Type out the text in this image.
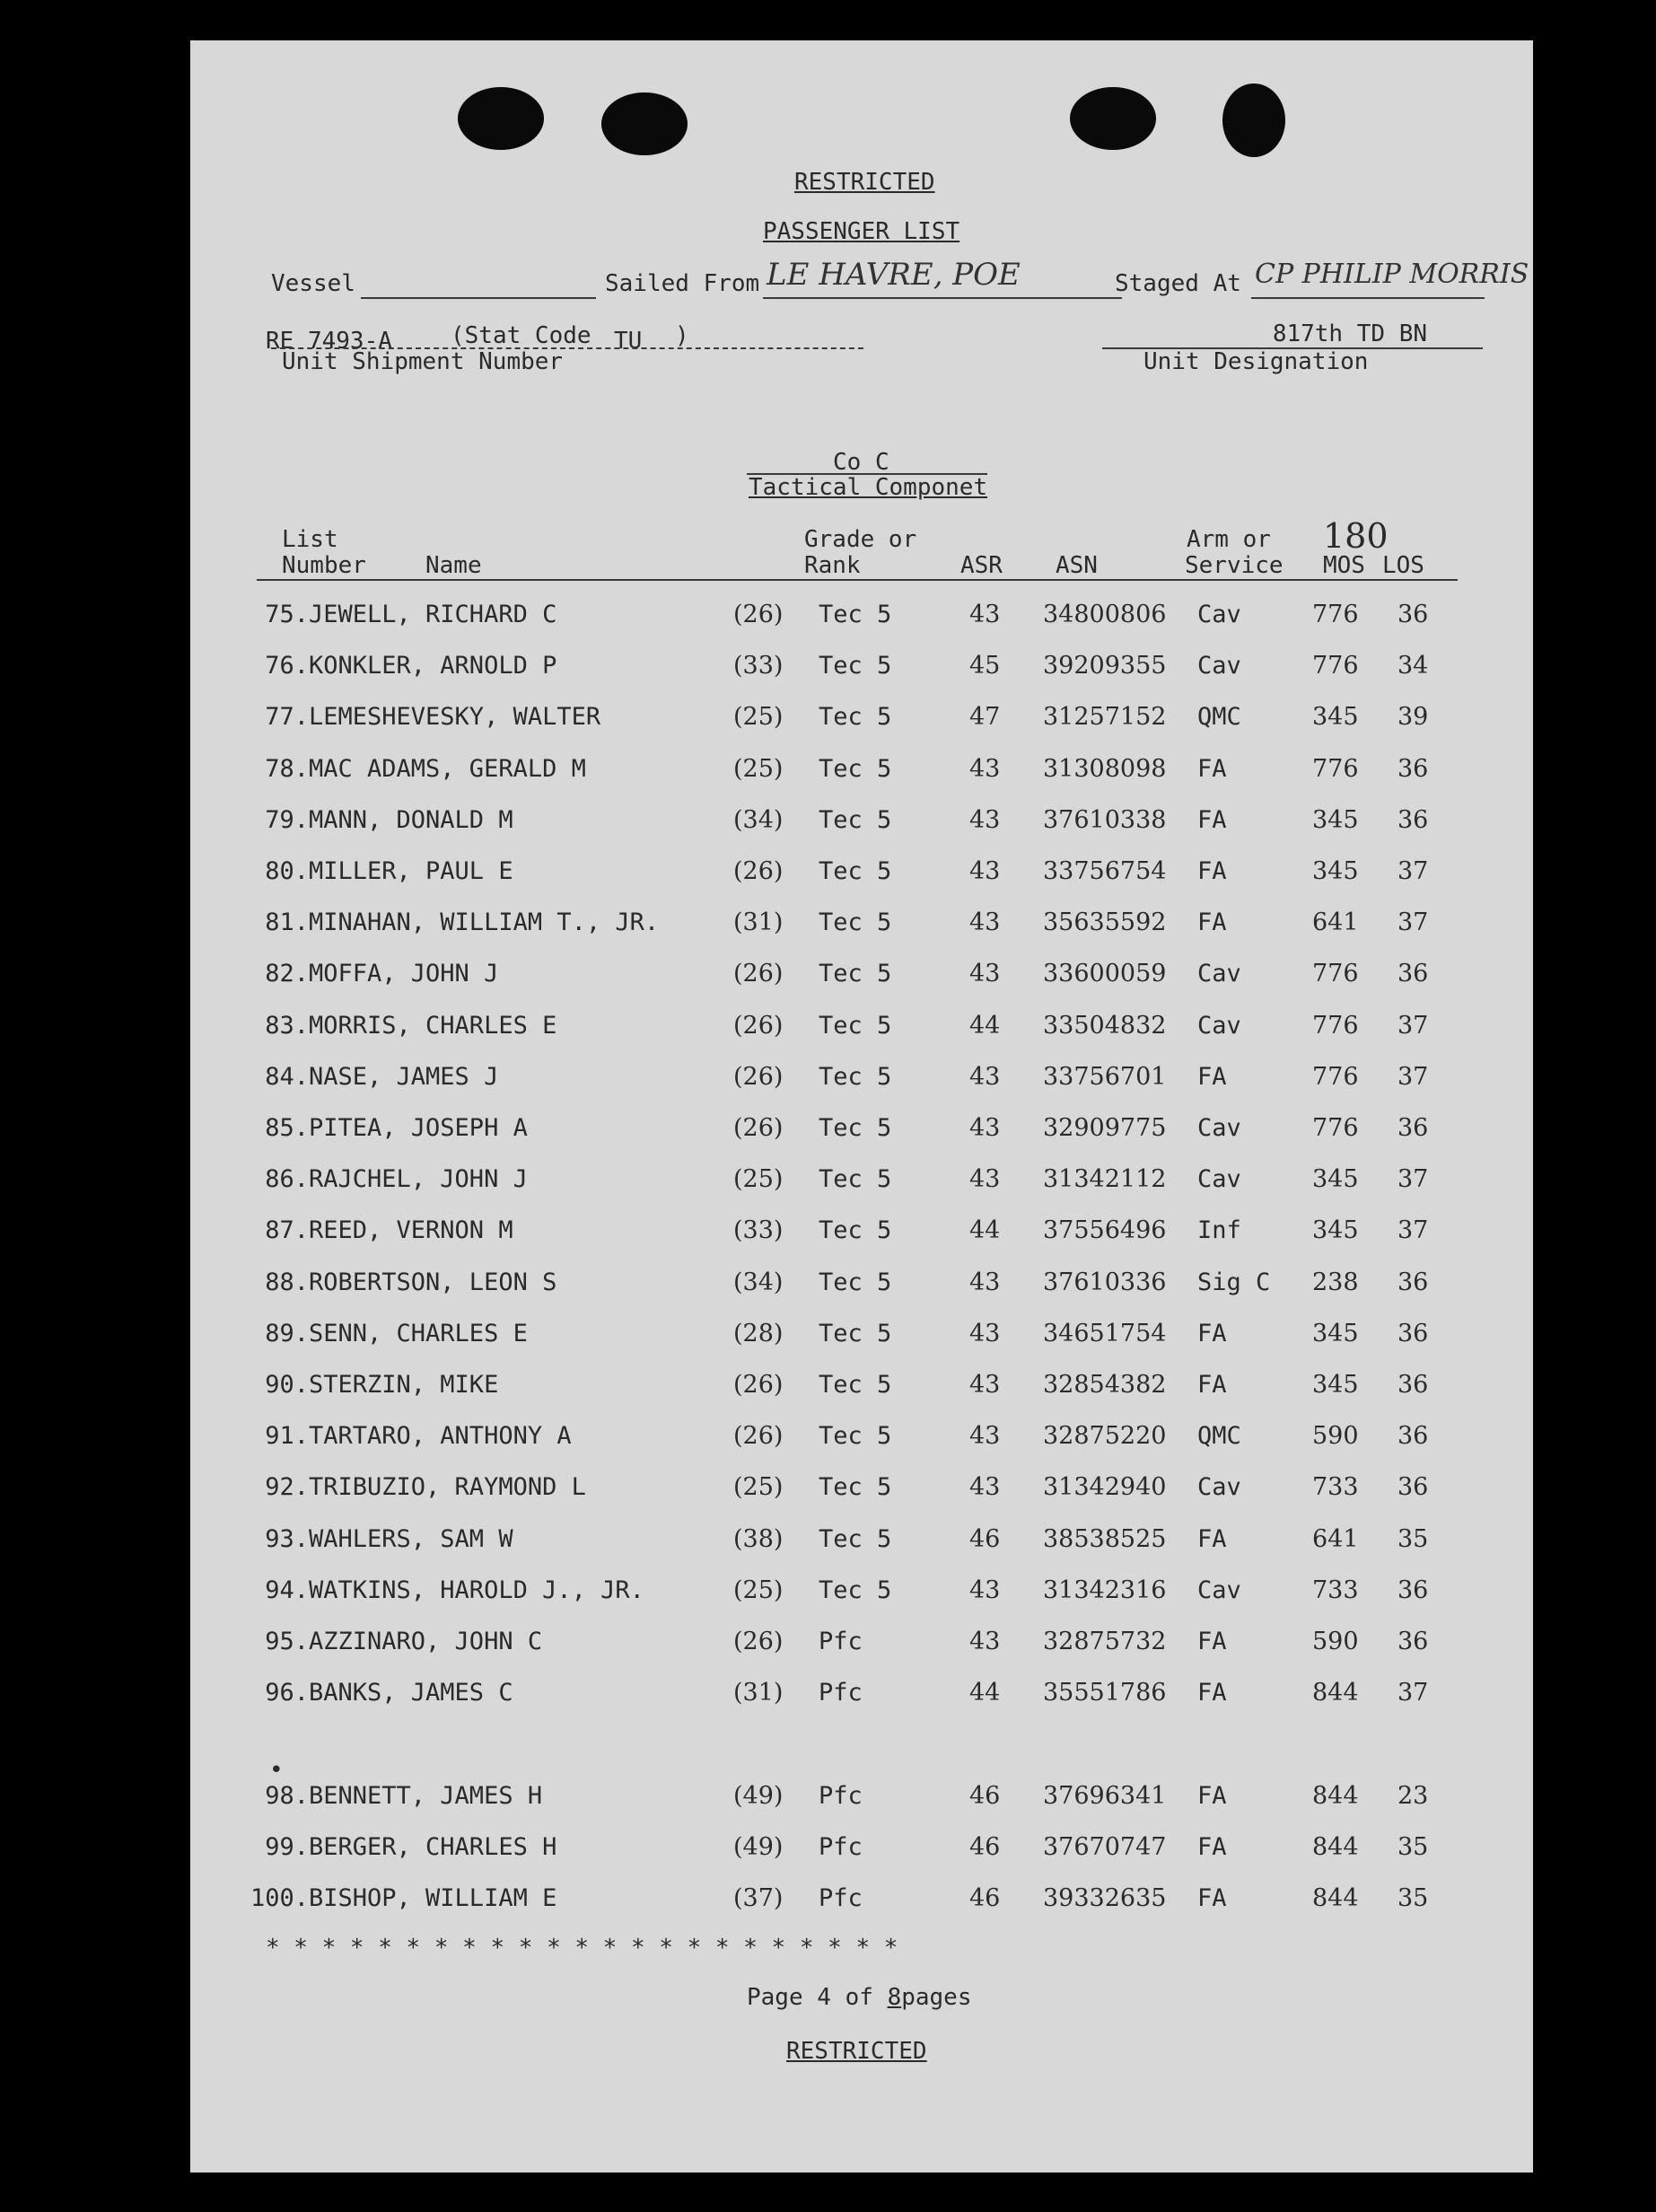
RESTRICTED
PASSENGER LIST
Vessel	Sailed From LE HAVRE, POE	Staged At CP PHILIP MORRIS
RE 7493-A	(Stat Code TU )
Unit Shipment Number
817th TD BN
Unit Designation
Co C
Tactical Componet
List
Number	Name
Grade or
Rank	ASR ASN
Arm or
Service MOS LOS
180
75. JEWELL, RICHARD C	(26) Tec 5	43 34800806 Cav	776 36
76. KONKLER, ARNOLD P	(33) Tec 5	45 39209355 Cav	776 34
77. LEMESHEVESKY, WALTER	(25) Tec 5	47 31257152 QMC	345 39
78. MAC ADAMS, GERALD M	(25) Tec 5	43 31308098 FA	776 36
79. MANN, DONALD M	(34) Tec 5	43 37610338 FA	345 36
80. MILLER, PAUL E	(26) Tec 5	43 33756754 FA	345 37
81. MINAHAN, WILLIAM T., JR.	(31) Tec 5	43 35635592 FA	641 37
82. MOFFA, JOHN J	(26) Tec 5	43 33600059 Cav	776 36
83. MORRIS, CHARLES E	(26) Tec 5	44 33504832 Cav	776 37
84. NASE, JAMES J	(26) Tec 5	43 33756701 FA	776 37
85. PITEA, JOSEPH A	(26) Tec 5	43 32909775 Cav	776 36
86. RAJCHEL, JOHN J	(25) Tec 5	43 31342112 Cav	345 37
87. REED, VERNON M	(33) Tec 5	44 37556496 Inf	345 37
88. ROBERTSON, LEON S	(34) Tec 5	43 37610336 Sig C 238 36
89. SENN, CHARLES E	(28) Tec 5	43 34651754 FA	345 36
90. STERZIN, MIKE	(26) Tec 5	43 32854382 FA	345 36
91. TARTARO, ANTHONY A	(26) Tec 5	43 32875220 QMC	590 36
92. TRIBUZIO, RAYMOND L	(25) Tec 5	43 31342940 Cav	733 36
93. WAHLERS, SAM W	(38) Tec 5	46 38538525 FA	641 35
94. WATKINS, HAROLD J., JR.	(25) Tec 5	43 31342316 Cav	733 36
95. AZZINARO, JOHN C	(26) Pfc	43 32875732 FA	590 36
96. BANKS, JAMES C	(31) Pfc	44 35551786 FA	844 37
98. BENNETT, JAMES H	(49) Pfc	46 37696341 FA	844 23
99. BERGER, CHARLES H	(49) Pfc	46 37670747 FA	844 35
100. BISHOP, WILLIAM E	(37) Pfc	46 39332635 FA	844 35
•
* * * * * * * * * * * * * * * * * * * * * * *
Page 4 of 8pages
RESTRICTED
